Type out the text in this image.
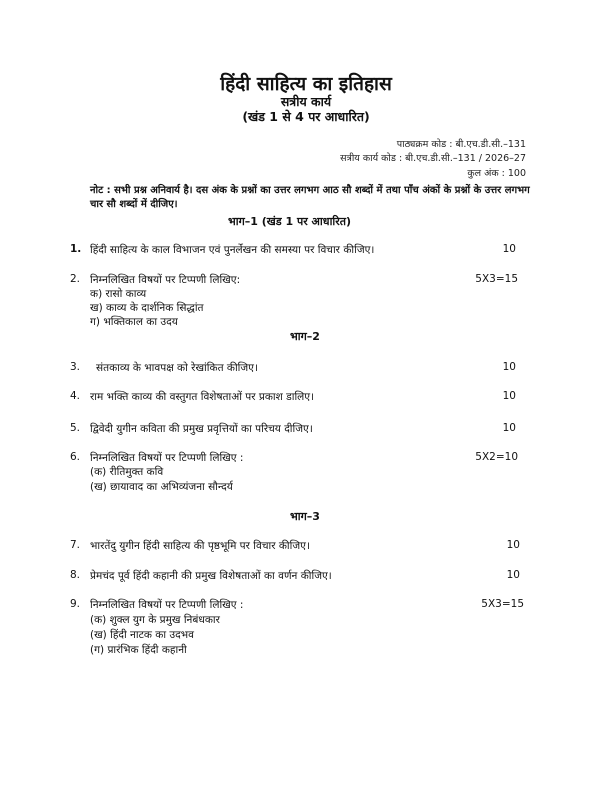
हिंदी साहित्य का इतिहास
सत्रीय कार्य
(खंड 1 से 4 पर आधारित)
पाठ्यक्रम कोड : बी.एच.डी.सी.–131
सत्रीय कार्य कोड : बी.एच.डी.सी.–131 / 2026–27
कुल अंक : 100
नोट : सभी प्रश्न अनिवार्य है। दस अंक के प्रश्नों का उत्तर लगभग आठ सौ शब्दों में तथा पाँच अंकों के प्रश्नों के उत्तर लगभग चार सौ शब्दों में दीजिए।
भाग–1 (खंड 1 पर आधारित)
1. हिंदी साहित्य के काल विभाजन एवं पुनर्लेखन की समस्या पर विचार कीजिए।	10
2. निम्नलिखित विषयों पर टिप्पणी लिखिए:	5X3=15
क) रासो काव्य
ख) काव्य के दार्शनिक सिद्धांत
ग) भक्तिकाल का उदय
भाग–2
3. संतकाव्य के भावपक्ष को रेखांकित कीजिए।	10
4. राम भक्ति काव्य की वस्तुगत विशेषताओं पर प्रकाश डालिए।	10
5. द्विवेदी युगीन कविता की प्रमुख प्रवृत्तियों का परिचय दीजिए।	10
6. निम्नलिखित विषयों पर टिप्पणी लिखिए :	5X2=10
(क) रीतिमुक्त कवि
(ख) छायावाद का अभिव्यंजना सौन्दर्य
भाग–3
7. भारतेंदु युगीन हिंदी साहित्य की पृष्ठभूमि पर विचार कीजिए।	10
8. प्रेमचंद पूर्व हिंदी कहानी की प्रमुख विशेषताओं का वर्णन कीजिए।	10
9. निम्नलिखित विषयों पर टिप्पणी लिखिए :	5X3=15
(क) शुक्ल युग के प्रमुख निबंधकार
(ख) हिंदी नाटक का उदभव
(ग) प्रारंभिक हिंदी कहानी
